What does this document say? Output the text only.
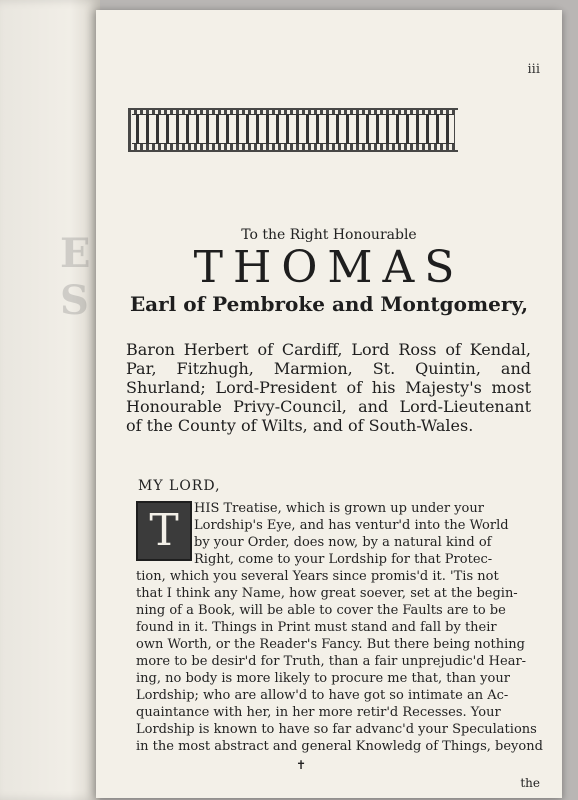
E S
iii
To the Right Honourable
THOMAS
Earl of Pembroke and Montgomery,
Baron Herbert of Cardiff, Lord Ross of Kendal, Par, Fitzhugh, Marmion, St. Quintin, and Shurland; Lord-President of his Majesty's most Honourable Privy-Council, and Lord-Lieutenant of the County of Wilts, and of South-Wales.
MY LORD,
T	HIS Treatise, which is grown up under your
Lordship's Eye, and has ventur'd into the World
by your Order, does now, by a natural kind of
Right, come to your Lordship for that Protec-
tion, which you several Years since promis'd it. 'Tis not
that I think any Name, how great soever, set at the begin-
ning of a Book, will be able to cover the Faults are to be
found in it. Things in Print must stand and fall by their
own Worth, or the Reader's Fancy. But there being nothing
more to be desir'd for Truth, than a fair unprejudic'd Hear-
ing, no body is more likely to procure me that, than your
Lordship; who are allow'd to have got so intimate an Ac-
quaintance with her, in her more retir'd Recesses. Your
Lordship is known to have so far advanc'd your Speculations
in the most abstract and general Knowledg of Things, beyond
✝
the
